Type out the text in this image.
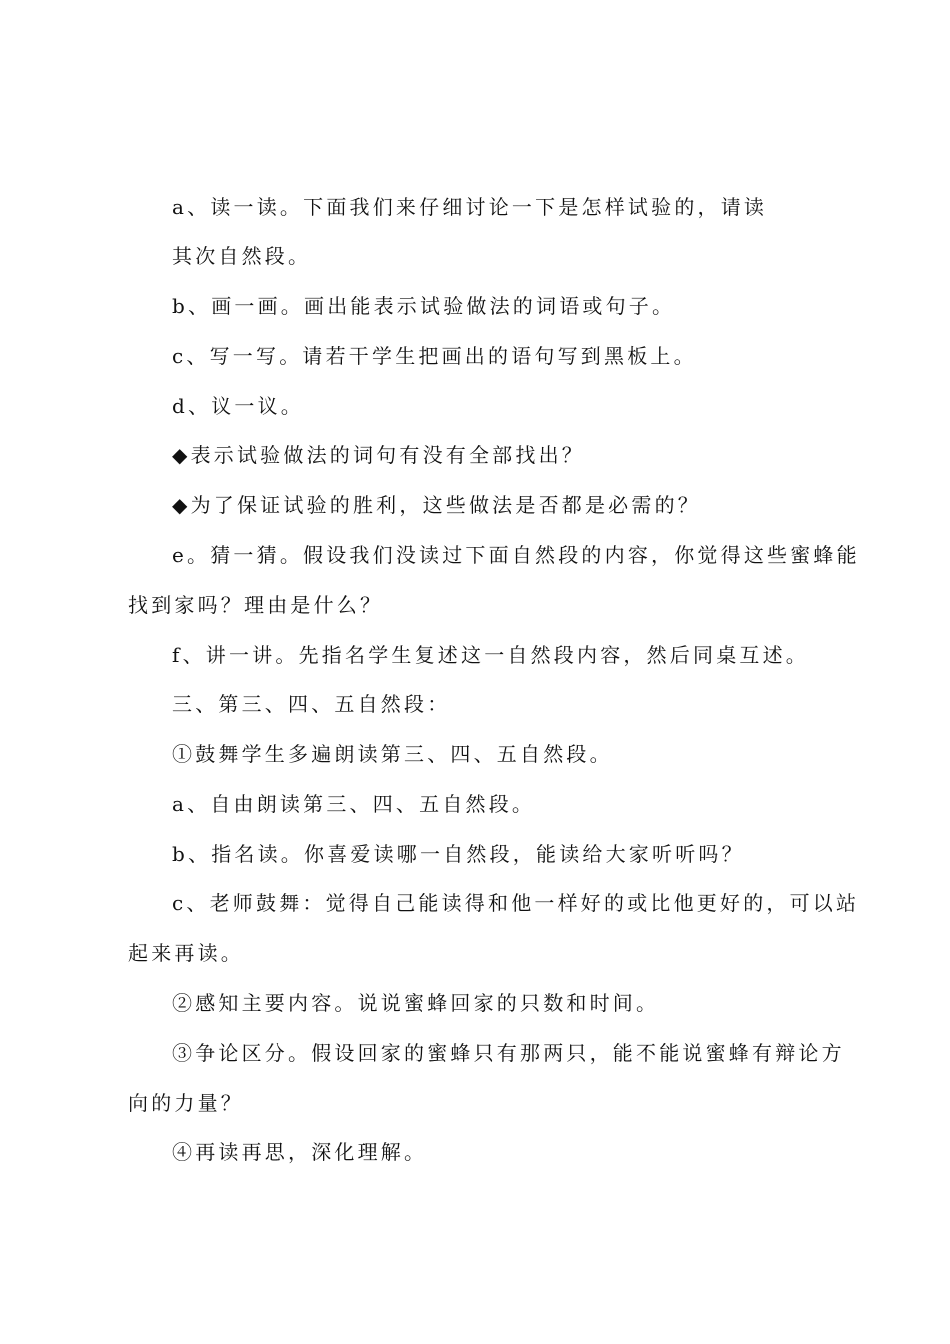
a、读一读。下面我们来仔细讨论一下是怎样试验的，请读
其次自然段。
b、画一画。画出能表示试验做法的词语或句子。
c、写一写。请若干学生把画出的语句写到黑板上。
d、议一议。
◆表示试验做法的词句有没有全部找出？
◆为了保证试验的胜利，这些做法是否都是必需的？
e。猜一猜。假设我们没读过下面自然段的内容，你觉得这些蜜蜂能
找到家吗？理由是什么？
f、讲一讲。先指名学生复述这一自然段内容，然后同桌互述。
三、第三、四、五自然段：
①鼓舞学生多遍朗读第三、四、五自然段。
a、自由朗读第三、四、五自然段。
b、指名读。你喜爱读哪一自然段，能读给大家听听吗？
c、老师鼓舞：觉得自己能读得和他一样好的或比他更好的，可以站
起来再读。
②感知主要内容。说说蜜蜂回家的只数和时间。
③争论区分。假设回家的蜜蜂只有那两只，能不能说蜜蜂有辩论方
向的力量？
④再读再思，深化理解。
